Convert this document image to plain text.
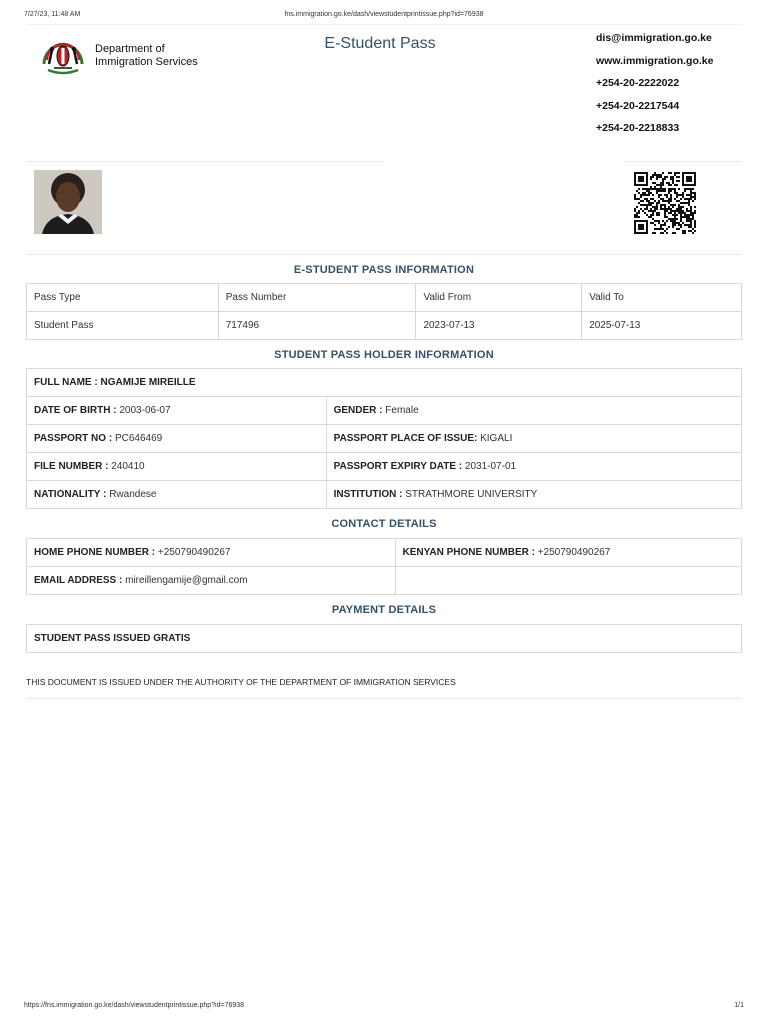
7/27/23, 11:48 AM	fns.immigration.go.ke/dash/viewstudentprintissue.php?id=76938
Department of
Immigration Services
E-Student Pass	dis@immigration.go.ke
www.immigration.go.ke
+254-20-2222022
+254-20-2217544
+254-20-2218833
E-STUDENT PASS INFORMATION
Pass Type	Pass Number	Valid From	Valid To
Student Pass	717496	2023-07-13	2025-07-13
STUDENT PASS HOLDER INFORMATION
FULL NAME : NGAMIJE MIREILLE	
DATE OF BIRTH : 2003-06-07	GENDER : Female
PASSPORT NO : PC646469	PASSPORT PLACE OF ISSUE: KIGALI
FILE NUMBER : 240410	PASSPORT EXPIRY DATE : 2031-07-01
NATIONALITY : Rwandese	INSTITUTION : STRATHMORE UNIVERSITY
CONTACT DETAILS
HOME PHONE NUMBER : +250790490267	KENYAN PHONE NUMBER : +250790490267
EMAIL ADDRESS : mireillengamije@gmail.com	
PAYMENT DETAILS
STUDENT PASS ISSUED GRATIS
THIS DOCUMENT IS ISSUED UNDER THE AUTHORITY OF THE DEPARTMENT OF IMMIGRATION SERVICES
https://fns.immigration.go.ke/dash/viewstudentprintissue.php?id=76938	1/1
